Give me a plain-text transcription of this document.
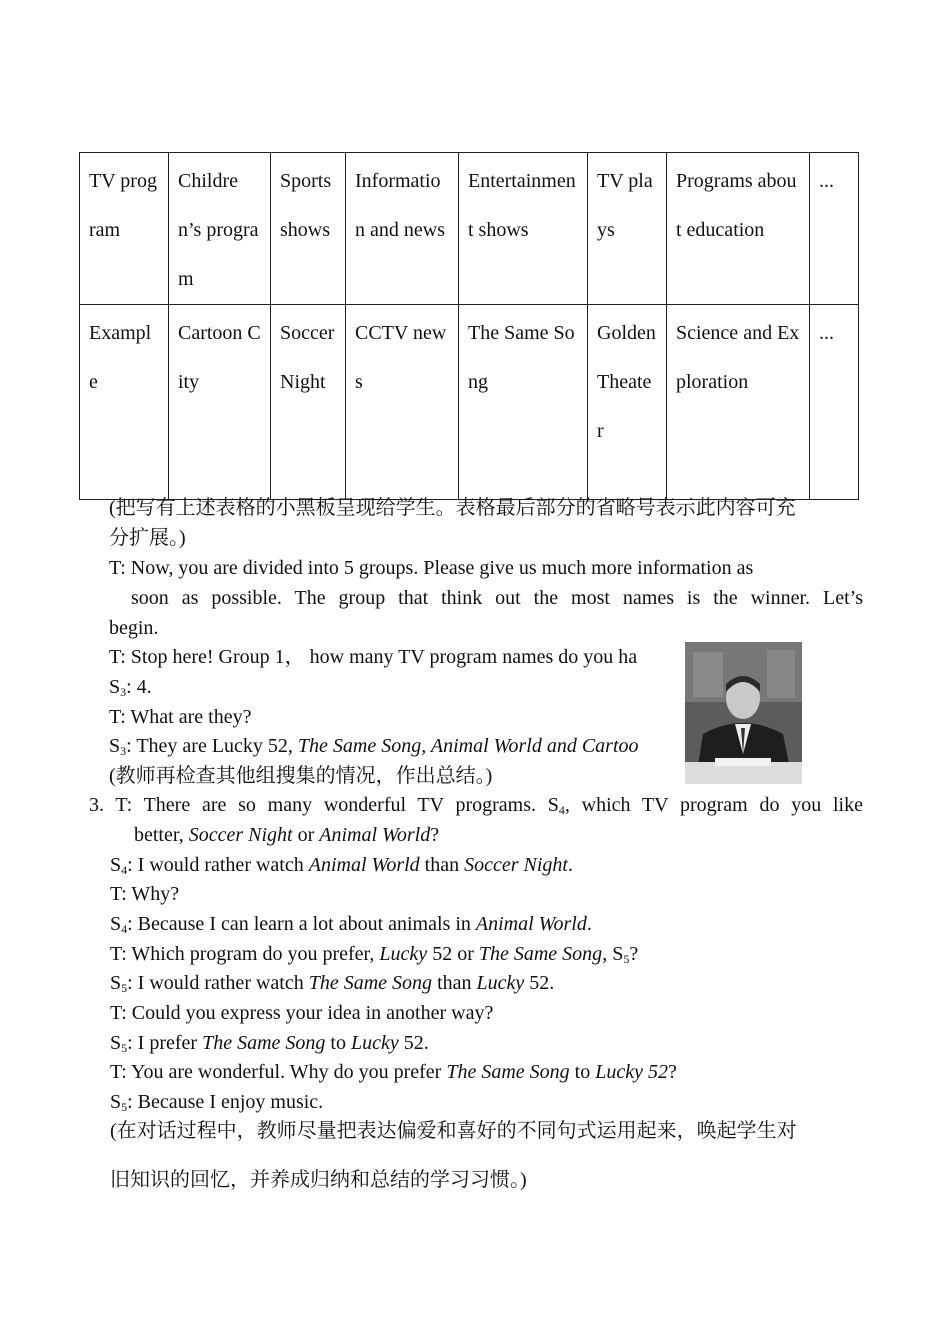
TV program	Children’s program	Sports shows	Information and news	Entertainment shows	TV plays	Programs about education	...
Example	Cartoon City	Soccer Night	CCTV news	The Same Song	Golden Theater	Science and Exploration	...
(把写有上述表格的小黑板呈现给学生。表格最后部分的省略号表示此内容可充
分扩展。)
T: Now, you are divided into 5 groups. Please give us much more information as
soon as possible. The group that think out the most names is the winner. Let’s
begin.
T: Stop here! Group 1， how many TV program names do you ha
$S_3$: 4.
T: What are they?
$S_3$: They are Lucky 52, The Same Song, Animal World and Cartoo
(教师再检查其他组搜集的情况，作出总结。)
3. T: There are so many wonderful TV programs. $S_4$, which TV program do you like
better, Soccer Night or Animal World?
$S_4$: I would rather watch Animal World than Soccer Night.
T: Why?
$S_4$: Because I can learn a lot about animals in Animal World.
T: Which program do you prefer, Lucky 52 or The Same Song, $S_5$?
$S_5$: I would rather watch The Same Song than Lucky 52.
T: Could you express your idea in another way?
$S_5$: I prefer The Same Song to Lucky 52.
T: You are wonderful. Why do you prefer The Same Song to Lucky 52?
$S_5$: Because I enjoy music.
(在对话过程中，教师尽量把表达偏爱和喜好的不同句式运用起来，唤起学生对
旧知识的回忆，并养成归纳和总结的学习习惯。)
